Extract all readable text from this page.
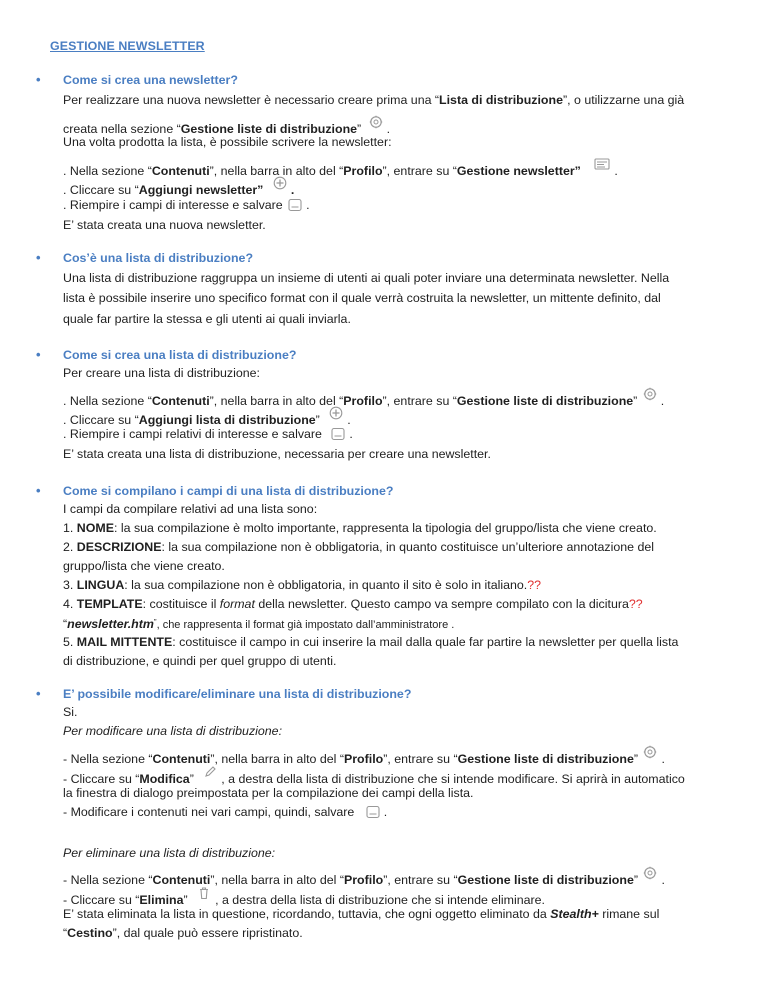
GESTIONE NEWSLETTER
• Come si crea una newsletter?
Per realizzare una nuova newsletter è necessario creare prima una “Lista di distribuzione”, o utilizzarne una già
creata nella sezione “Gestione liste di distribuzione”
.
Una volta prodotta la lista, è possibile scrivere la newsletter:
. Nella sezione “Contenuti”, nella barra in alto del “Profilo”, entrare su “Gestione newsletter”	.
. Cliccare su “Aggiungi newsletter” .
. Riempire i campi di interesse e salvare .
E’ stata creata una nuova newsletter.
• Cos’è una lista di distribuzione?
Una lista di distribuzione raggruppa un insieme di utenti ai quali poter inviare una determinata newsletter. Nella
lista è possibile inserire uno specifico format con il quale verrà costruita la newsletter, un mittente definito, dal
quale far partire la stessa e gli utenti ai quali inviarla.
• Come si crea una lista di distribuzione?
Per creare una lista di distribuzione:
. Nella sezione “Contenuti”, nella barra in alto del “Profilo”, entrare su “Gestione liste di distribuzione” .
. Cliccare su “Aggiungi lista di distribuzione” .
. Riempire i campi relativi di interesse e salvare .
E’ stata creata una lista di distribuzione, necessaria per creare una newsletter.
• Come si compilano i campi di una lista di distribuzione?
I campi da compilare relativi ad una lista sono:
1. NOME: la sua compilazione è molto importante, rappresenta la tipologia del gruppo/lista che viene creato.
2. DESCRIZIONE: la sua compilazione non è obbligatoria, in quanto costituisce un’ulteriore annotazione del
gruppo/lista che viene creato.
3. LINGUA: la sua compilazione non è obbligatoria, in quanto il sito è solo in italiano.??
4. TEMPLATE: costituisce il format della newsletter. Questo campo va sempre compilato con la dicitura??
“newsletter.htm”, che rappresenta il format già impostato dall’amministratore .
5. MAIL MITTENTE: costituisce il campo in cui inserire la mail dalla quale far partire la newsletter per quella lista
di distribuzione, e quindi per quel gruppo di utenti.
• E’ possibile modificare/eliminare una lista di distribuzione?
Si.
Per modificare una lista di distribuzione:
- Nella sezione “Contenuti”, nella barra in alto del “Profilo”, entrare su “Gestione liste di distribuzione” .
- Cliccare su “Modifica” , a destra della lista di distribuzione che si intende modificare. Si aprirà in automatico
la finestra di dialogo preimpostata per la compilazione dei campi della lista.
- Modificare i contenuti nei vari campi, quindi, salvare .
Per eliminare una lista di distribuzione:
- Nella sezione “Contenuti”, nella barra in alto del “Profilo”, entrare su “Gestione liste di distribuzione” .
- Cliccare su “Elimina” , a destra della lista di distribuzione che si intende eliminare.
E’ stata eliminata la lista in questione, ricordando, tuttavia, che ogni oggetto eliminato da Stealth+ rimane sul
“Cestino”, dal quale può essere ripristinato.
